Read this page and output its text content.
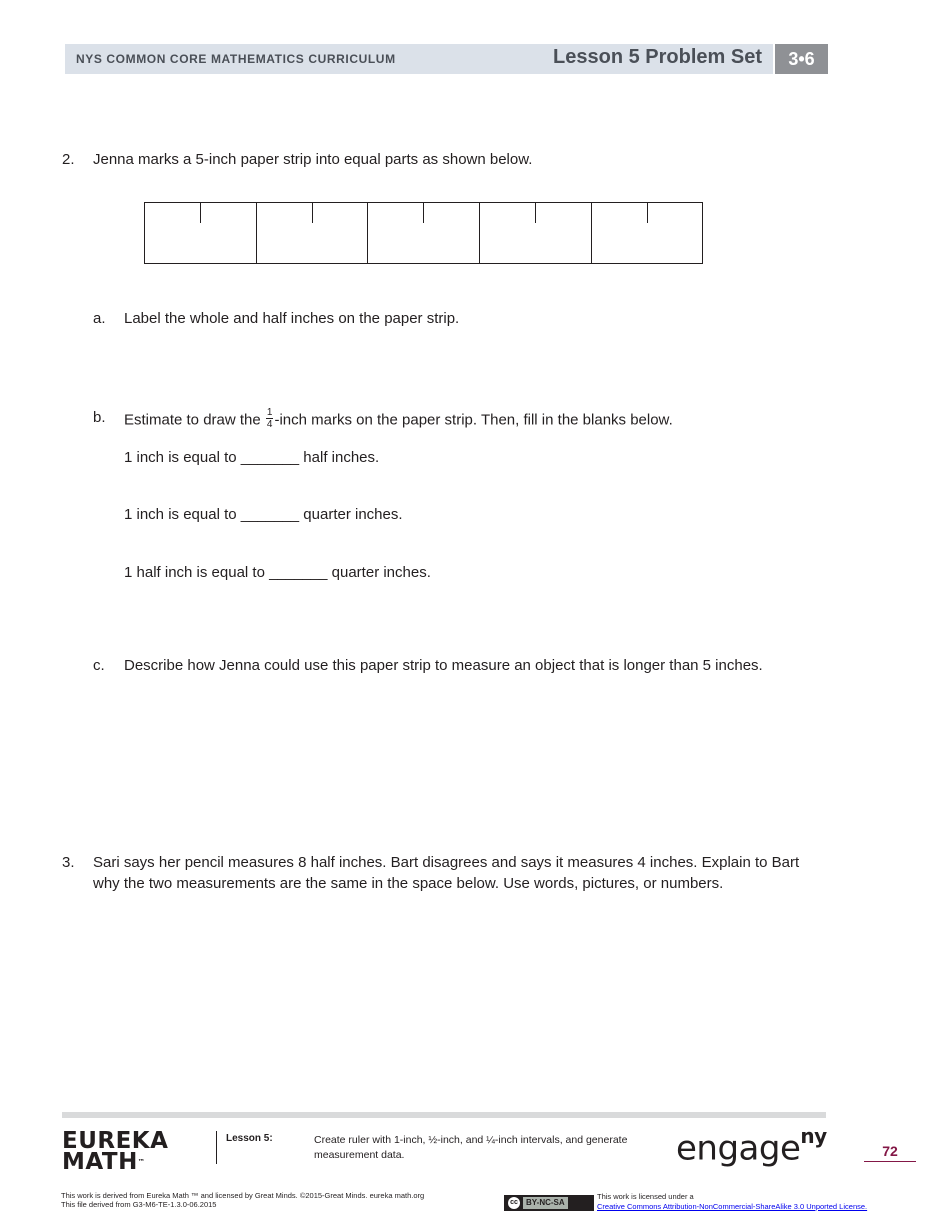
NYS COMMON CORE MATHEMATICS CURRICULUM	Lesson 5 Problem Set	3•6
2. Jenna marks a 5-inch paper strip into equal parts as shown below.
a. Label the whole and half inches on the paper strip.
b. Estimate to draw the $\frac{1}{4}$ -inch marks on the paper strip. Then, fill in the blanks below.
1 inch is equal to _______ half inches.
1 inch is equal to _______ quarter inches.
1 half inch is equal to _______ quarter inches.
c. Describe how Jenna could use this paper strip to measure an object that is longer than 5 inches.
3. Sari says her pencil measures 8 half inches. Bart disagrees and says it measures 4 inches. Explain to Bart
why the two measurements are the same in the space below. Use words, pictures, or numbers.
EUREKA
MATH™
Lesson 5:	Create ruler with 1-inch, ½-inch, and ¼-inch intervals, and generate measurement data.	engage$^{ny}$
72
This work is derived from Eureka Math ™ and licensed by Great Minds. ©2015-Great Minds. eureka math.org
This file derived from G3-M6-TE-1.3.0-06.2015	cc BY-NC-SA
This work is licensed under a
Creative Commons Attribution-NonCommercial-ShareAlike 3.0 Unported License.
